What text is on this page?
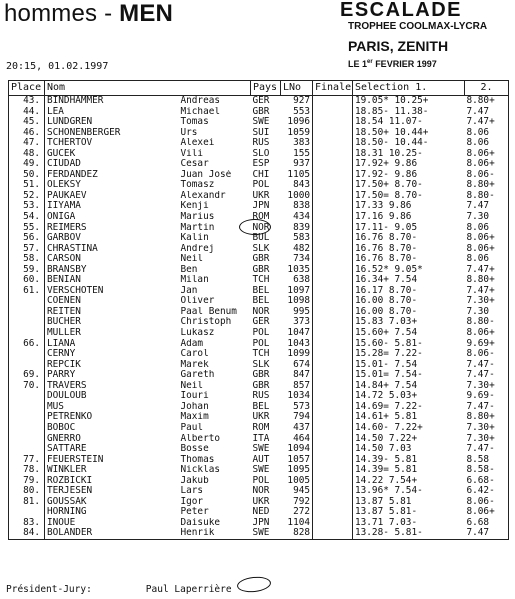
hommes - MEN	ESCALADE
TROPHEE COOLMAX-LYCRA
PARIS, ZENITH
LE 1er FEVRIER 1997
20:15, 01.02.1997
Place	Nom		Pays	LNo	Finale	Selection 1.	2.
43.	BINDHAMMER	Andreas	GER	927		19.05* 10.25+	8.80+
44.	LEA	Michael	GBR	553		18.85- 11.38-	7.47
45.	LUNDGREN	Tomas	SWE	1096		18.54 11.07-	7.47+
46.	SCHÖNENBERGER	Urs	SUI	1059		18.50+ 10.44+	8.06
47.	TCHERTOV	Alexei	RUS	383		18.50- 10.44-	8.06
48.	GUCEK	Vili	SLO	155		18.31 10.25-	8.06+
49.	CIUDAD	Cesar	ESP	937		17.92+ 9.86	8.06+
50.	FERDANDEZ	Juan José	CHI	1105		17.92- 9.86	8.06-
51.	OLEKSY	Tomasz	POL	843		17.50+ 8.70-	8.80+
52.	PAUKAEV	Alexandr	UKR	1000		17.50= 8.70-	8.80-
53.	IIYAMA	Kenji	JPN	838		17.33 9.86	7.47
54.	ONIGA	Marius	ROM	434		17.16 9.86	7.30
55.	REIMERS	Martin	NOR	839		17.11- 9.05	8.06
56.	GARBOV	Kalin	BUL	583		16.76 8.70-	8.06+
57.	CHRASTINA	Andrej	SLK	482		16.76 8.70-	8.06+
58.	CARSON	Neil	GBR	734		16.76 8.70-	8.06
59.	BRANSBY	Ben	GBR	1035		16.52* 9.05*	7.47+
60.	BENIAN	Milan	TCH	638		16.34+ 7.54	8.80+
61.	VERSCHOTEN	Jan	BEL	1097		16.17 8.70-	7.47+
	COENEN	Oliver	BEL	1098		16.00 8.70-	7.30+
	REITEN	Paal Benum	NOR	995		16.00 8.70-	7.30
	BUCHER	Christoph	GER	373		15.83 7.03+	8.80-
	MÜLLER	Lukasz	POL	1047		15.60+ 7.54	8.06+
66.	LIANA	Adam	POL	1043		15.60- 5.81-	9.69+
	CERNY	Carol	TCH	1099		15.28= 7.22-	8.06-
	REPCIK	Marek	SLK	674		15.01- 7.54	7.47-
69.	PARRY	Gareth	GBR	847		15.01= 7.54-	7.47-
70.	TRAVERS	Neil	GBR	857		14.84+ 7.54	7.30+
	DOULOUB	Iouri	RUS	1034		14.72 5.03+	9.69-
	MUS	Johan	BEL	573		14.69= 7.22-	7.47-
	PETRENKO	Maxim	UKR	794		14.61+ 5.81	8.80+
	BOBOC	Paul	ROM	437		14.60- 7.22+	7.30+
	GNERRO	Alberto	ITA	464		14.50 7.22+	7.30+
	SATTARE	Bosse	SWE	1094		14.50 7.03	7.47-
77.	FEUERSTEIN	Thomas	AUT	1057		14.39- 5.81	8.58
78.	WINKLER	Nicklas	SWE	1095		14.39= 5.81	8.58-
79.	ROZBICKI	Jakub	POL	1005		14.22 7.54+	6.68-
80.	TERJESEN	Lars	NOR	945		13.96* 7.54-	6.42-
81.	GOUSSAK	Igor	UKR	792		13.87 5.81	8.06-
	HORNING	Peter	NED	272		13.87 5.81-	8.06+
83.	INOUE	Daisuke	JPN	1104		13.71 7.03-	6.68
84.	BOLANDER	Henrik	SWE	828		13.28- 5.81-	7.47
Président-Jury:	Paul Laperrière
